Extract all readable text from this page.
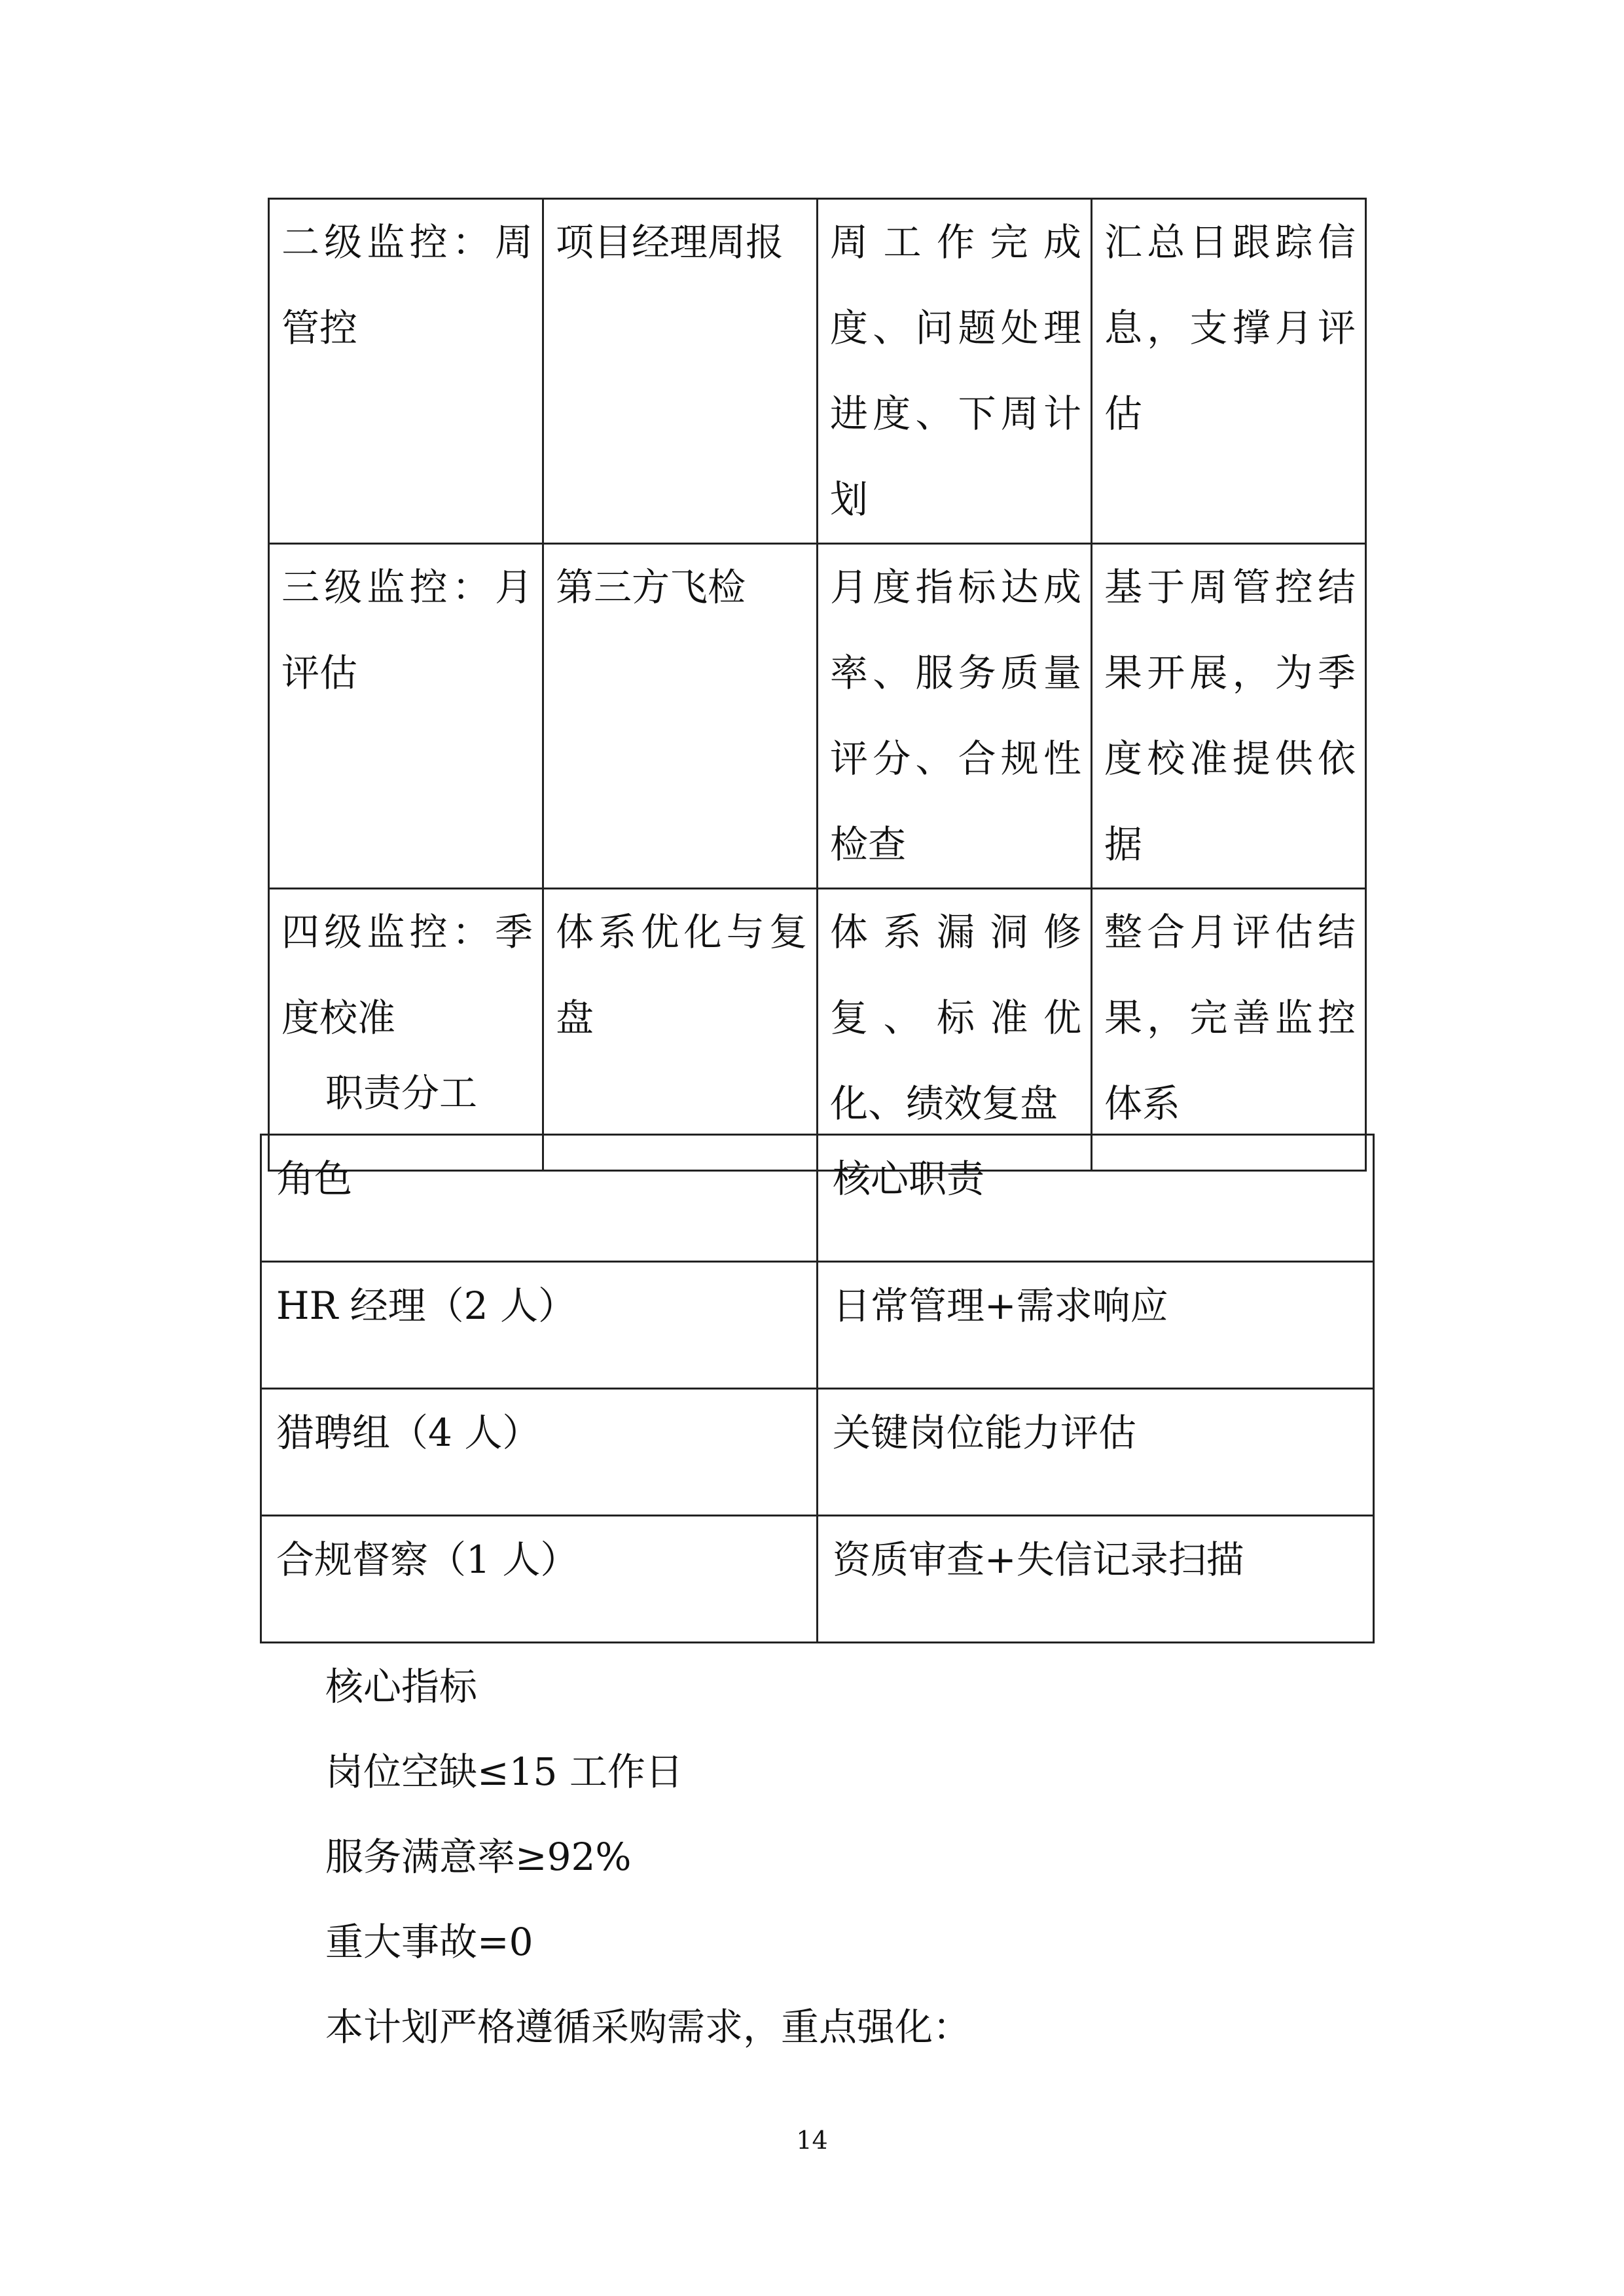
二级监控：周管控	项目经理周报	周工作完成度、问题处理进度、下周计划	汇总日跟踪信息，支撑月评估

三级监控：月评估	第三方飞检	月度指标达成率、服务质量评分、合规性检查	基于周管控结果开展，为季度校准提供依据

四级监控：季度校准	体系优化与复盘	体系漏洞修复、标准优化、绩效复盘	整合月评估结果，完善监控体系
职责分工
角色	核心职责

HR 经理（2 人）	日常管理+需求响应

猎聘组（4 人）	关键岗位能力评估

合规督察（1 人）	资质审查+失信记录扫描
核心指标
岗位空缺≤15 工作日
服务满意率≥92%
重大事故=0
本计划严格遵循采购需求，重点强化：
14
